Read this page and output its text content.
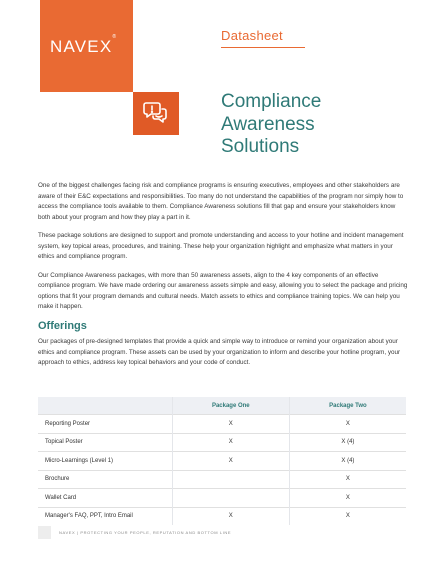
NAVEX®	Datasheet
Compliance
Awareness
Solutions

One of the biggest challenges facing risk and compliance programs is ensuring executives, employees and other stakeholders are aware of their E&C expectations and responsibilities. Too many do not understand the capabilities of the program nor simply how to access the compliance tools available to them. Compliance Awareness solutions fill that gap and ensure your stakeholders know both about your program and how they play a part in it.

These package solutions are designed to support and promote understanding and access to your hotline and incident management system, key topical areas, procedures, and training. These help your organization highlight and emphasize what matters in your ethics and compliance program.

Our Compliance Awareness packages, with more than 50 awareness assets, align to the 4 key components of an effective compliance program. We have made ordering our awareness assets simple and easy, allowing you to select the package and pricing options that fit your program demands and cultural needs. Match assets to ethics and compliance training topics. We can help you make it happen.

Offerings

Our packages of pre-designed templates that provide a quick and simple way to introduce or remind your organization about your ethics and compliance program. These assets can be used by your organization to inform and describe your hotline program, your approach to ethics, address key topical behaviors and your code of conduct.

	Package One	Package Two
Reporting Poster	X	X
Topical Poster	X	X (4)
Micro-Learnings (Level 1)	X	X (4)
Brochure		X
Wallet Card		X
Manager's FAQ, PPT, Intro Email	X	X
NAVEX | PROTECTING YOUR PEOPLE, REPUTATION AND BOTTOM LINE
